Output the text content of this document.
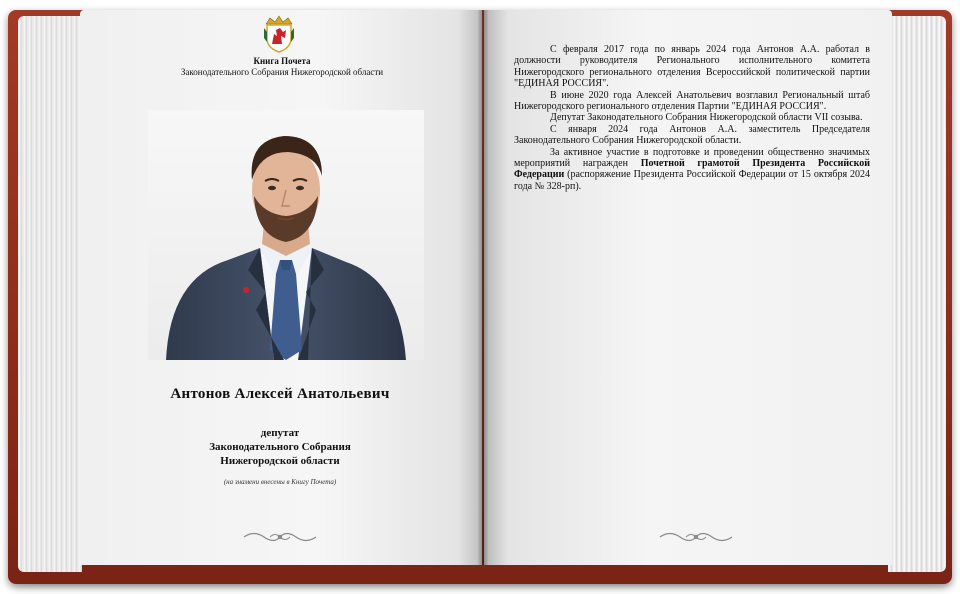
Книга Почета
Законодательного Собрания Нижегородской области
Антонов Алексей Анатольевич
депутат
Законодательного Собрания
Нижегородской области
(на знамени внесены в Книгу Почета)

С февраля 2017 года по январь 2024 года Антонов А.А. работал в должности руководителя Регионального исполнительного комитета Нижегородского регионального отделения Всероссийской политической партии "ЕДИНАЯ РОССИЯ".

В июне 2020 года Алексей Анатольевич возглавил Региональный штаб Нижегородского регионального отделения Партии "ЕДИНАЯ РОССИЯ".

Депутат Законодательного Собрания Нижегородской области VII созыва.

С января 2024 года Антонов А.А. заместитель Председателя Законодательного Собрания Нижегородской области.

За активное участие в подготовке и проведении общественно значимых мероприятий награжден Почетной грамотой Президента Российской Федерации (распоряжение Президента Российской Федерации от 15 октября 2024 года № 328-рп).
